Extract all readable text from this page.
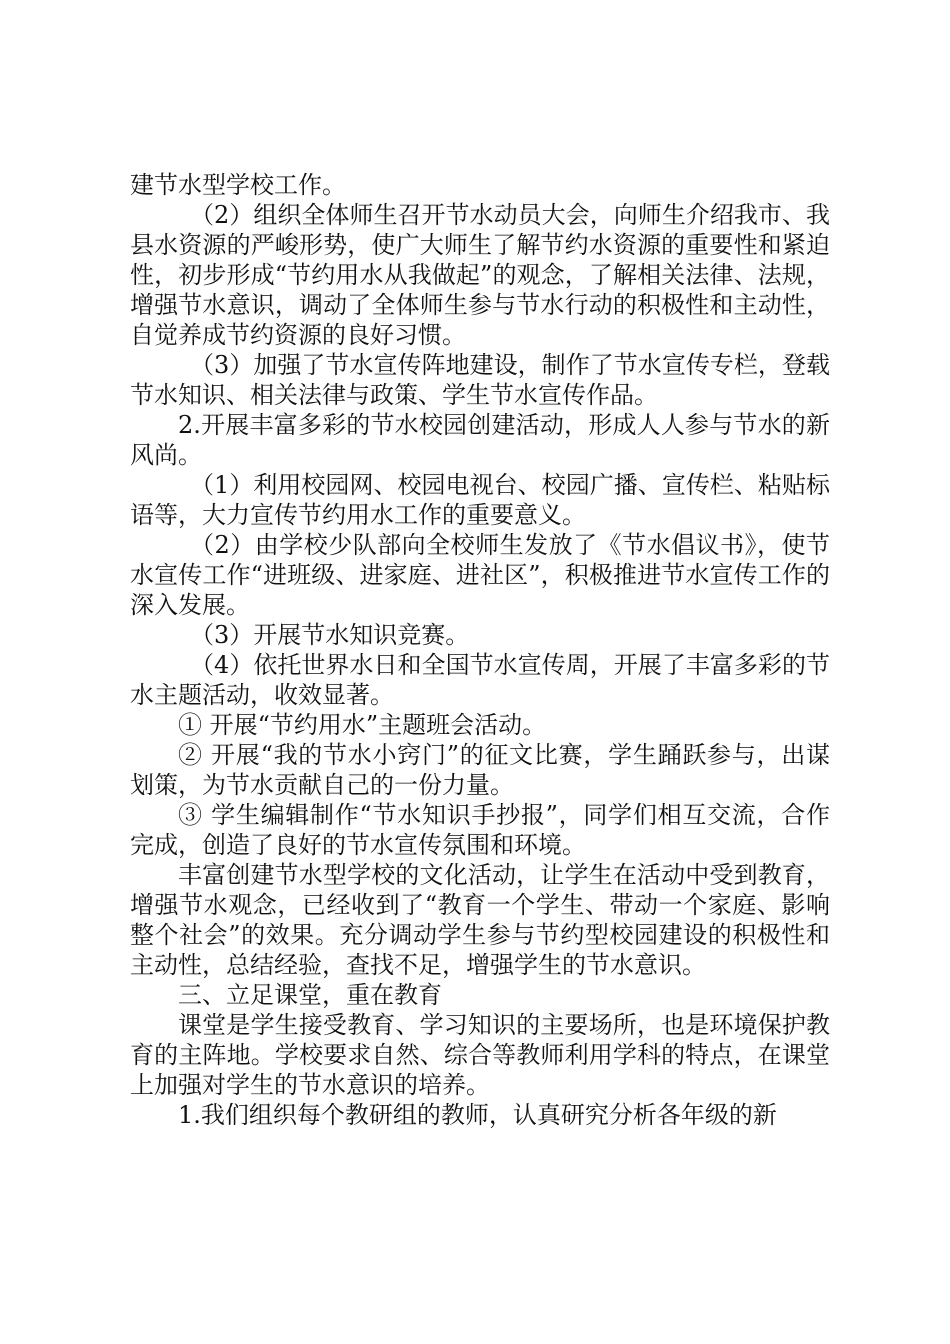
建节水型学校工作。

（2）组织全体师生召开节水动员大会，向师生介绍我市、我县水资源的严峻形势，使广大师生了解节约水资源的重要性和紧迫性，初步形成“节约用水从我做起”的观念，了解相关法律、法规，增强节水意识，调动了全体师生参与节水行动的积极性和主动性，自觉养成节约资源的良好习惯。

（3）加强了节水宣传阵地建设，制作了节水宣传专栏，登载节水知识、相关法律与政策、学生节水宣传作品。

2.开展丰富多彩的节水校园创建活动，形成人人参与节水的新风尚。

（1）利用校园网、校园电视台、校园广播、宣传栏、粘贴标语等，大力宣传节约用水工作的重要意义。

（2）由学校少队部向全校师生发放了《节水倡议书》，使节水宣传工作“进班级、进家庭、进社区”，积极推进节水宣传工作的深入发展。

（3）开展节水知识竞赛。

（4）依托世界水日和全国节水宣传周，开展了丰富多彩的节水主题活动，收效显著。

① 开展“节约用水”主题班会活动。

② 开展“我的节水小窍门”的征文比赛，学生踊跃参与，出谋划策，为节水贡献自己的一份力量。

③ 学生编辑制作“节水知识手抄报”，同学们相互交流，合作完成，创造了良好的节水宣传氛围和环境。

丰富创建节水型学校的文化活动，让学生在活动中受到教育，增强节水观念，已经收到了“教育一个学生、带动一个家庭、影响整个社会”的效果。充分调动学生参与节约型校园建设的积极性和主动性，总结经验，查找不足，增强学生的节水意识。

三、立足课堂，重在教育

课堂是学生接受教育、学习知识的主要场所，也是环境保护教育的主阵地。学校要求自然、综合等教师利用学科的特点，在课堂上加强对学生的节水意识的培养。

1.我们组织每个教研组的教师，认真研究分析各年级的新
